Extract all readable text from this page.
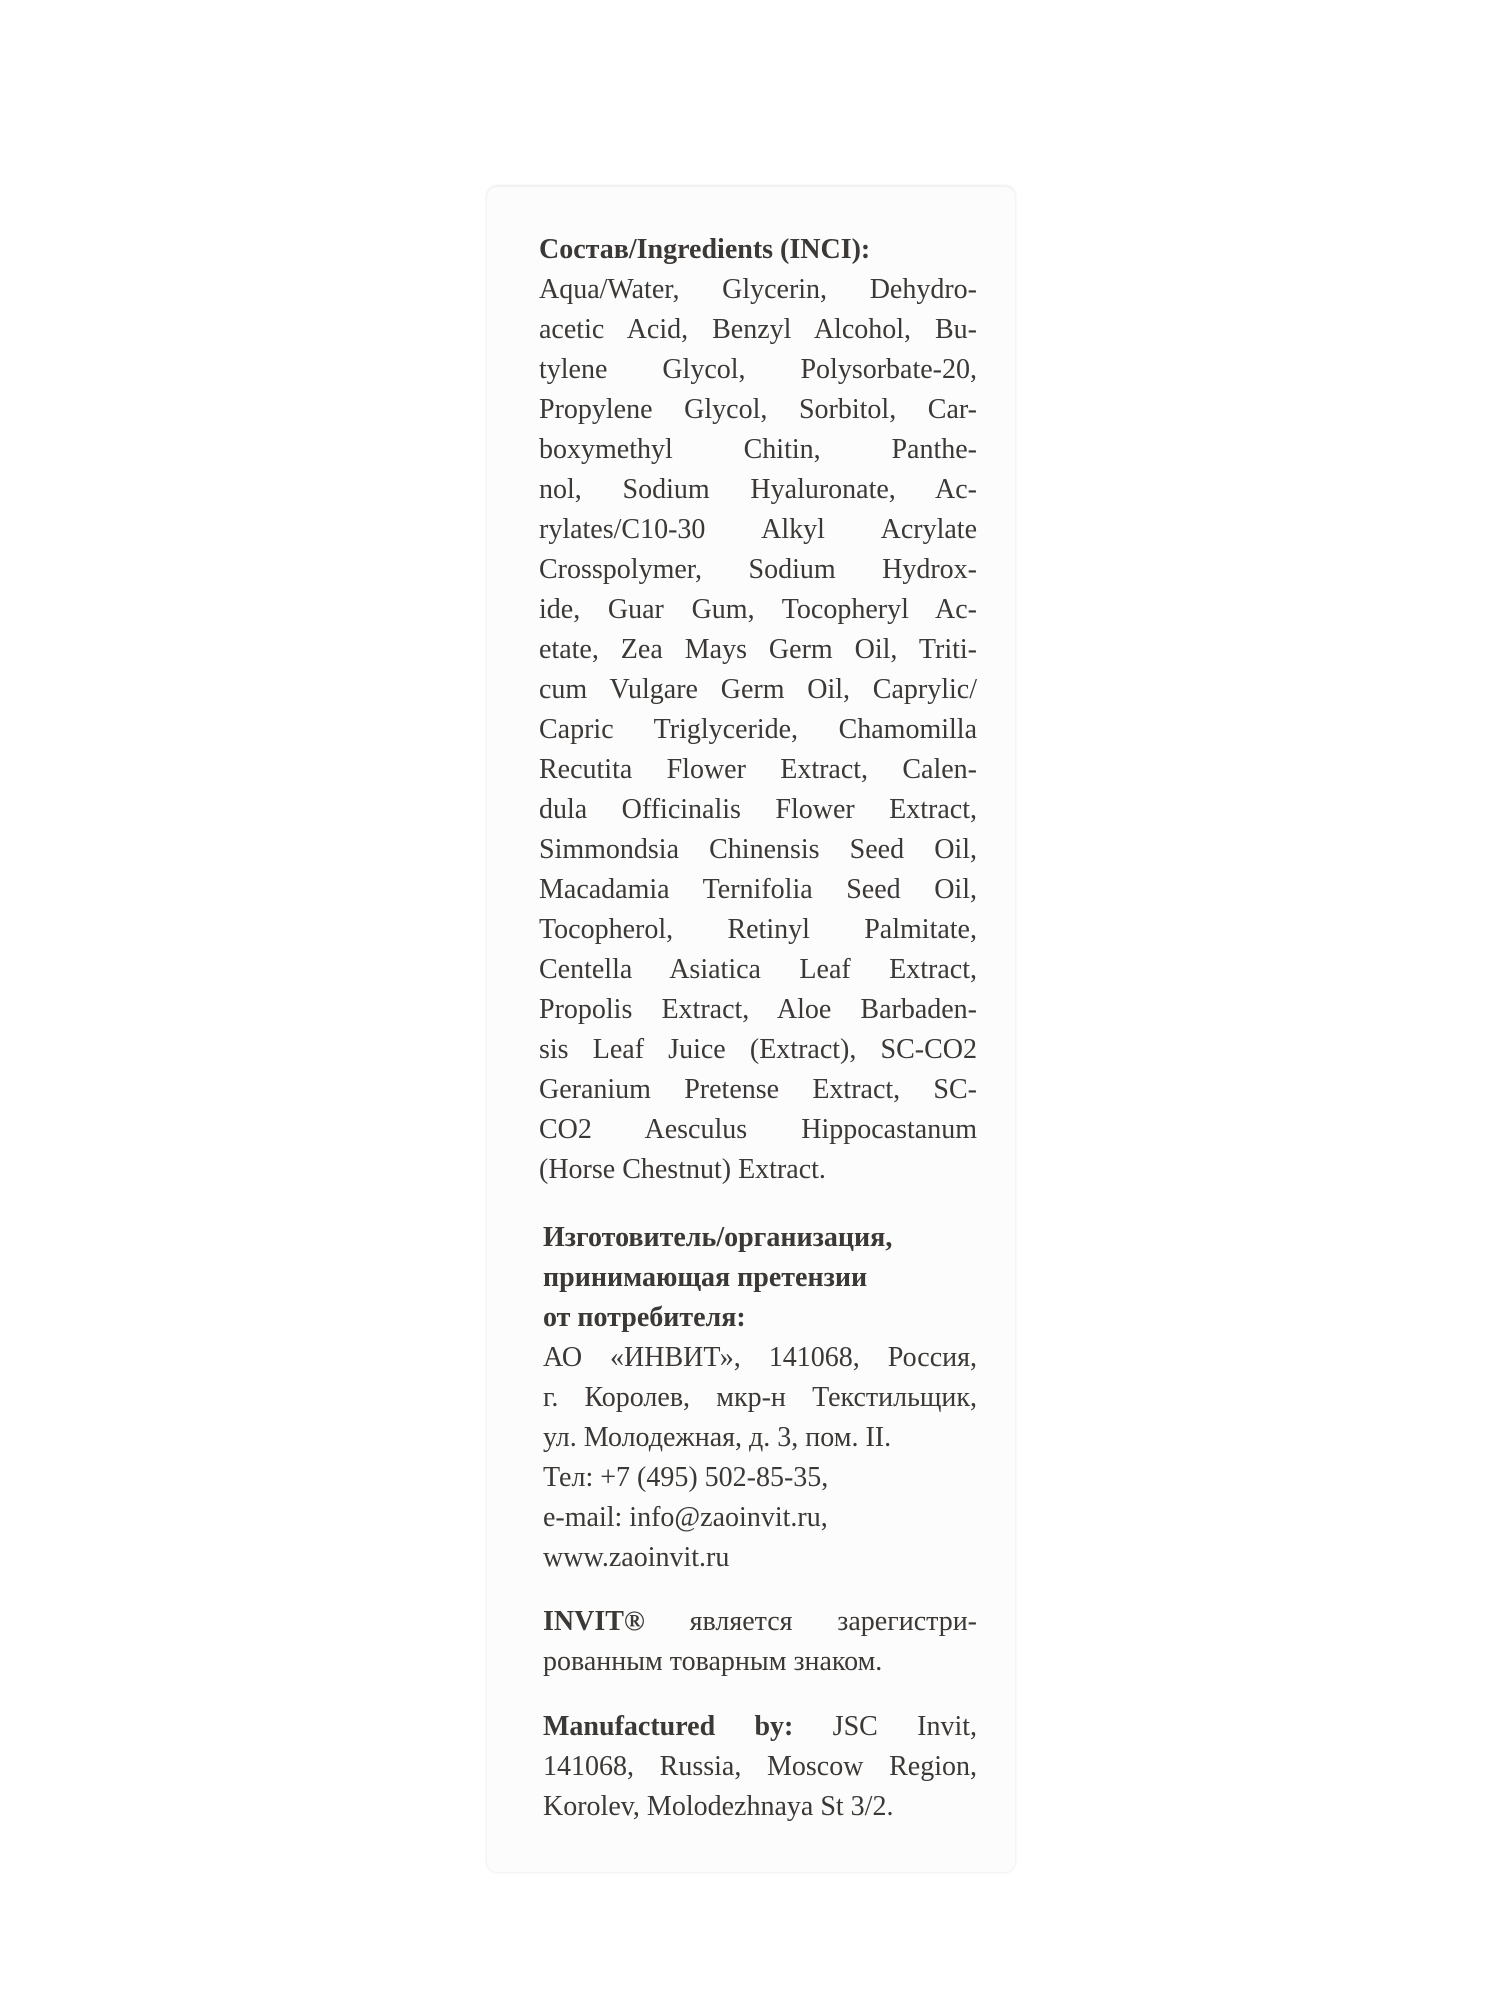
Состав/Ingredients (INCI):
Aqua/Water, Glycerin, Dehydro-
acetic Acid, Benzyl Alcohol, Bu-
tylene Glycol, Polysorbate-20,
Propylene Glycol, Sorbitol, Car-
boxymethyl Chitin, Panthe-
nol, Sodium Hyaluronate, Ac-
rylates/C10-30 Alkyl Acrylate
Crosspolymer, Sodium Hydrox-
ide, Guar Gum, Tocopheryl Ac-
etate, Zea Mays Germ Oil, Triti-
cum Vulgare Germ Oil, Caprylic/
Capric Triglyceride, Chamomilla
Recutita Flower Extract, Calen-
dula Officinalis Flower Extract,
Simmondsia Chinensis Seed Oil,
Macadamia Ternifolia Seed Oil,
Tocopherol, Retinyl Palmitate,
Centella Asiatica Leaf Extract,
Propolis Extract, Aloe Barbaden-
sis Leaf Juice (Extract), SC-CO2
Geranium Pretense Extract, SC-
CO2 Aesculus Hippocastanum
(Horse Chestnut) Extract.
Изготовитель/организация,
принимающая претензии
от потребителя:
АО «ИНВИТ», 141068, Россия,
г. Королев, мкр-н Текстильщик,
ул. Молодежная, д. 3, пом. II.
Тел: +7 (495) 502-85-35,
e-mail: info@zaoinvit.ru,
www.zaoinvit.ru
INVIT® является зарегистри-
рованным товарным знаком.
Manufactured by: JSC Invit,
141068, Russia, Moscow Region,
Korolev, Molodezhnaya St 3/2.
